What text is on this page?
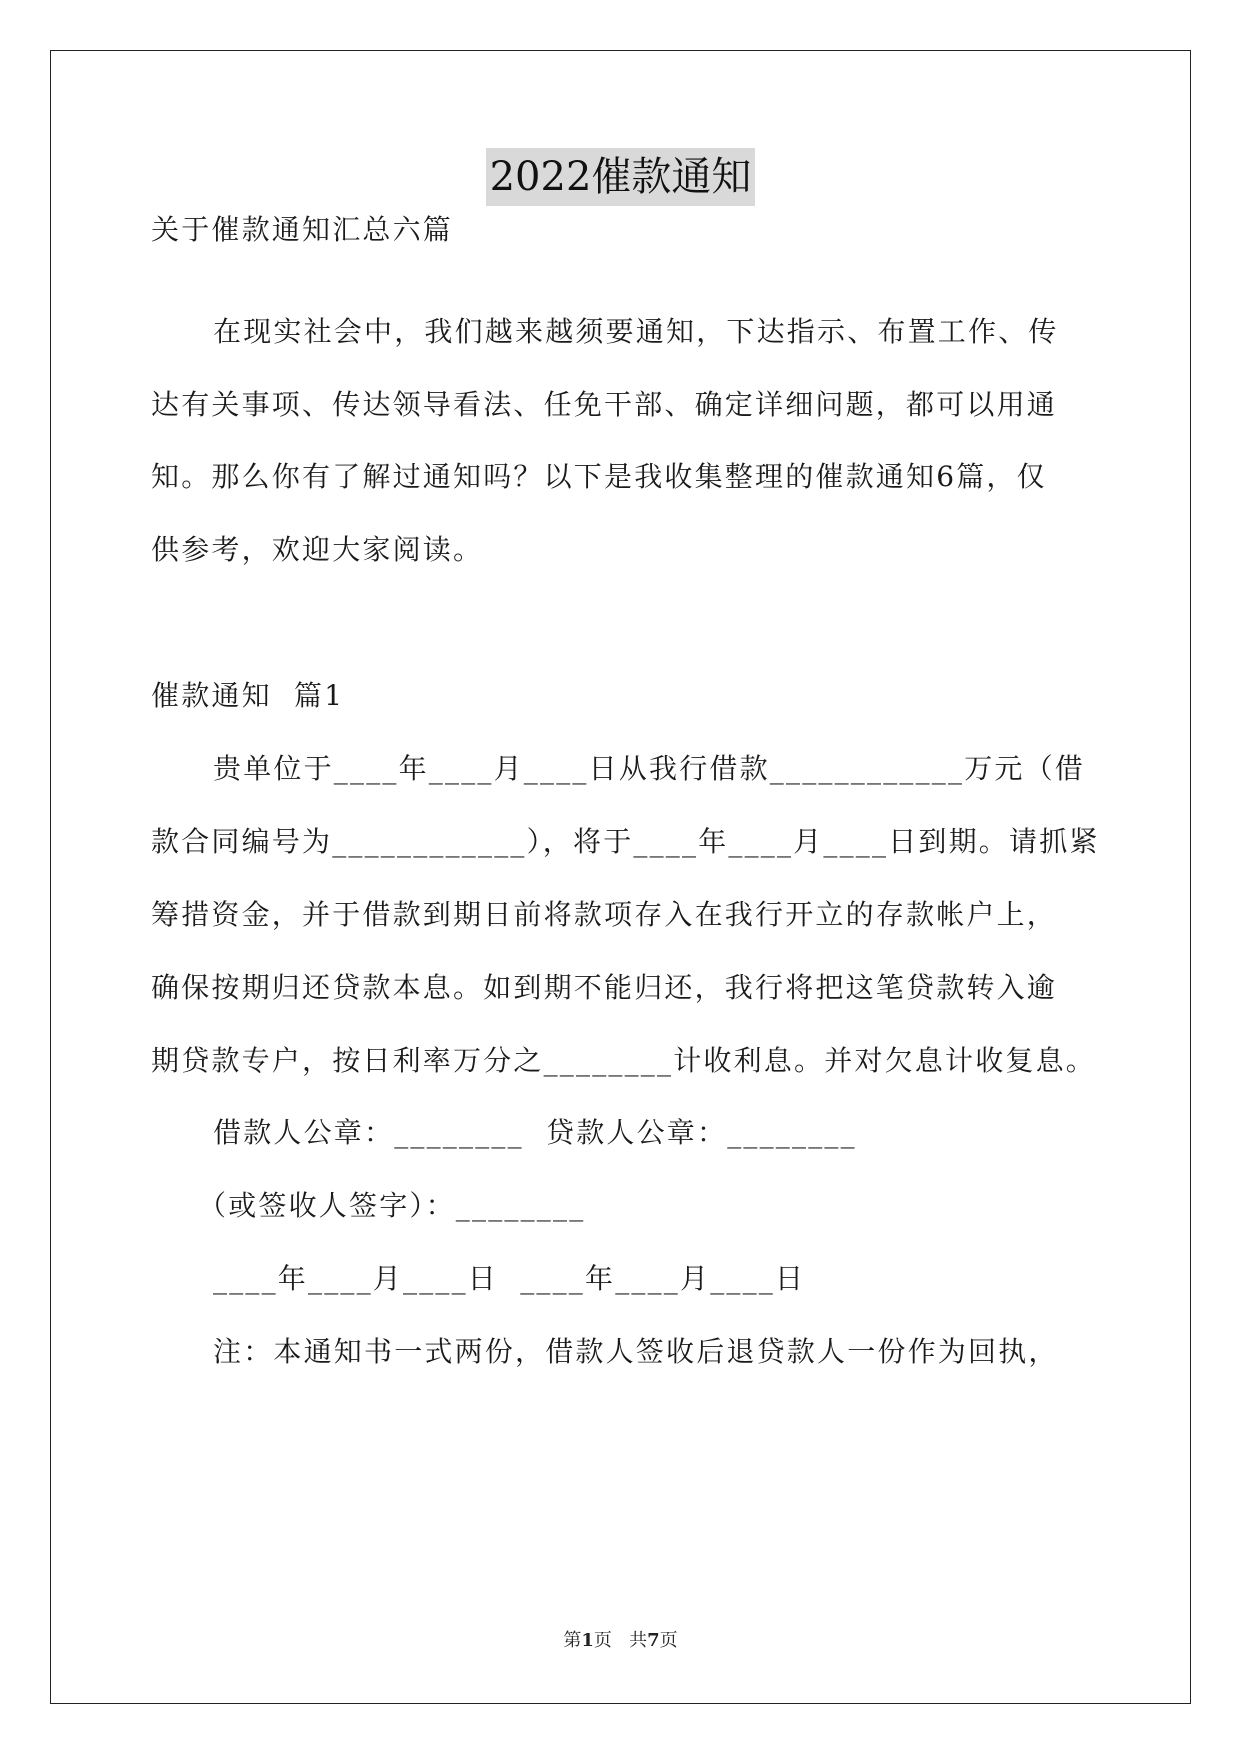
2022催款通知
关于催款通知汇总六篇
在现实社会中，我们越来越须要通知，下达指示、布置工作、传
达有关事项、传达领导看法、任免干部、确定详细问题，都可以用通
知。那么你有了解过通知吗？以下是我收集整理的催款通知6篇，仅
供参考，欢迎大家阅读。
催款通知  篇1
贵单位于____年____月____日从我行借款____________万元（借
款合同编号为____________），将于____年____月____日到期。请抓紧
筹措资金，并于借款到期日前将款项存入在我行开立的存款帐户上，
确保按期归还贷款本息。如到期不能归还，我行将把这笔贷款转入逾
期贷款专户，按日利率万分之________计收利息。并对欠息计收复息。
借款人公章：________  贷款人公章：________
（或签收人签字）：________
____年____月____日  ____年____月____日
注：本通知书一式两份，借款人签收后退贷款人一份作为回执，
第1页   共7页
